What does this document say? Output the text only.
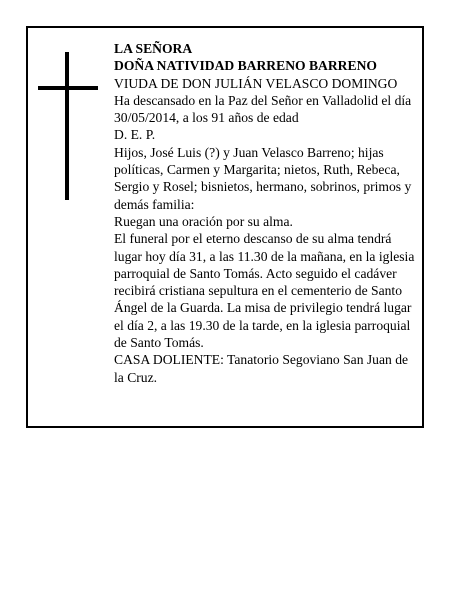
LA SEÑORA

DOÑA NATIVIDAD BARRENO BARRENO

VIUDA DE DON JULIÁN VELASCO DOMINGO

Ha descansado en la Paz del Señor en Valladolid el día 30/05/2014, a los 91 años de edad

D. E. P.

Hijos, José Luis (?) y Juan Velasco Barreno; hijas políticas, Carmen y Margarita; nietos, Ruth, Rebeca, Sergio y Rosel; bisnietos, hermano, sobrinos, primos y demás familia:

Ruegan una oración por su alma.

El funeral por el eterno descanso de su alma tendrá lugar hoy día 31, a las 11.30 de la mañana, en la iglesia parroquial de Santo Tomás. Acto seguido el cadáver recibirá cristiana sepultura en el cementerio de Santo Ángel de la Guarda. La misa de privilegio tendrá lugar el día 2, a las 19.30 de la tarde, en la iglesia parroquial de Santo Tomás.

CASA DOLIENTE: Tanatorio Segoviano San Juan de la Cruz.
